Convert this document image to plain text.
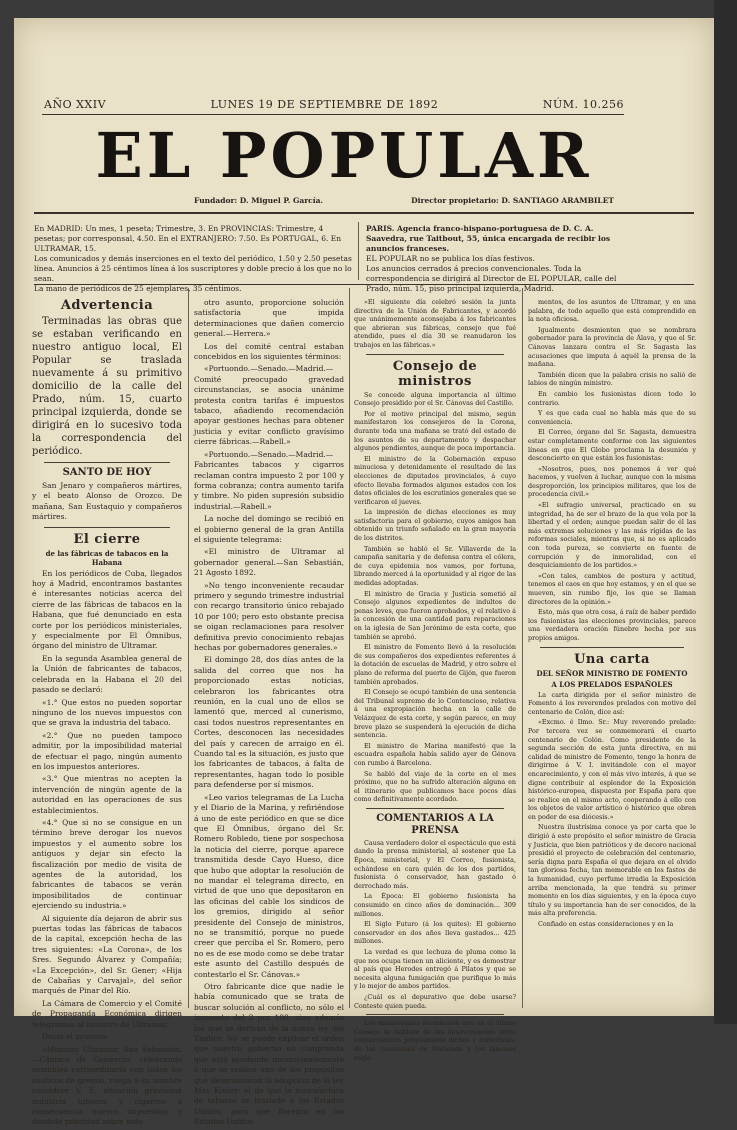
AÑO XXIV	LUNES 19 DE SEPTIEMBRE DE 1892	NÚM. 10.256
EL POPULAR
Fundador: D. Miguel P. García.	Director propietario: D. SANTIAGO ARAMBILET

En MADRID: Un mes, 1 peseta; Trimestre, 3. En PROVINCIAS: Trimestre, 4 pesetas; por corresponsal, 4.50. En el EXTRANJERO: 7.50. Es PORTUGAL, 6. En ULTRAMAR, 15.

Los comunicados y demás inserciones en el texto del periódico, 1.50 y 2.50 pesetas línea. Anuncios á 25 céntimos línea á los suscriptores y doble precio á los que no lo sean.

La mano de periódicos de 25 ejemplares, 35 céntimos.

PARIS. Agencia franco-hispano-portuguesa de D. C. A. Saavedra, rue Taitbout, 55, única encargada de recibir los anuncios franceses.

EL POPULAR no se publica los días festivos.

Los anuncios cerrados á precios convencionales. Toda la correspondencia se dirigirá al Director de EL POPULAR, calle del Prado, núm. 15, piso principal izquierda, Madrid.

Advertencia

Terminadas las obras que se estaban verificando en nuestro antiguo local, El Popular se traslada nuevamente á su primitivo domicilio de la calle del Prado, núm. 15, cuarto principal izquierda, donde se dirigirá en lo sucesivo toda la correspondencia del periódico.

SANTO DE HOY

San Jenaro y compañeros mártires, y el beato Alonso de Orozco. De mañana, San Eustaquio y compañeros mártires.

El cierre

de las fábricas de tabacos en la Habana

En los periódicos de Cuba, llegados hoy á Madrid, encontramos bastantes é interesantes noticias acerca del cierre de las fábricas de tabacos en la Habana, que fué denunciado en esta corte por los periódicos ministeriales, y especialmente por El Ómnibus, órgano del ministro de Ultramar.

En la segunda Asamblea general de la Unión de fabricantes de tabacos, celebrada en la Habana el 20 del pasado se declaró:

«1.° Que estos no pueden soportar ninguno de los nuevos impuestos con que se grava la industria del tabaco.

«2.° Que no pueden tampoco admitir, por la imposibilidad material de efectuar el pago, ningún aumento en los impuestos anteriores.

«3.° Que mientras no acepten la intervención de ningún agente de la autoridad en las operaciones de sus establecimientos.

«4.° Que si no se consigue en un término breve derogar los nuevos impuestos y el aumento sobre los antiguos y dejar sin efecto la fiscalización por medio de visita de agentes de la autoridad, los fabricantes de tabacos se verán imposibilitados de continuar ejerciendo su industria.»

Al siguiente día dejaron de abrir sus puertas todas las fábricas de tabacos de la capital, excepción hecha de las tres siguientes: «La Corona», de los Sres. Segundo Álvarez y Compañía; «La Excepción», del Sr. Gener; «Hija de Cabañas y Carvajal», del señor marqués de Pinar del Río.

La Cámara de Comercio y el Comité de Propaganda Económica dirigen telegramas al ministro de Ultramar.

Decía el primero:

«Ministro Ultramar, San Sebastián.—Cámara de Comercio, celebrando asamblea extraordinaria con todos los sindicos de gremio, ruega á su nombre considere V. E. situación gravísima industria tabacos y cigarros á consecuencia nuevos impuestos; y dándole prioridad sobre todo

otro asunto, proporcione solución satisfactoria que impida determinaciones que dañen comercio general.—Herrera.»

Los del comité central estaban concebidos en los siguientes términos:

«Portuondo.—Senado.—Madrid.—Comité preocupado gravedad circunstancias, se asocia unánime protesta contra tarifas é impuestos tabaco, añadiendo recomendación apoyar gestiones hechas para obtener justicia y evitar conflicto gravísimo cierre fábricas.—Rabell.»

«Portuondo.—Senado.—Madrid.—Fabricantes tabacos y cigarros reclaman contra impuesto 2 por 100 y forma cobranza; contra aumento tarifa y timbre. No piden supresión subsidio industrial.—Rabell.»

La noche del domingo se recibió en el gobierno general de la gran Antilla el siguiente telegrama:

«El ministro de Ultramar al gobernador general.—San Sebastián, 21 Agosto 1892.

»No tengo inconveniente recaudar primero y segundo trimestre industrial con recargo transitorio único rebajado 10 por 100; pero esto obstante precisa se oigan reclamaciones para resolver definitiva previo conocimiento rebajas hechas por gobernadores generales.»

El domingo 28, dos días antes de la salida del correo que nos ha proporcionado estas noticias, celebraron los fabricantes otra reunión, en la cual uno de ellos se lamentó que, merced al cunerismo, casi todos nuestros representantes en Cortes, desconocen las necesidades del país y carecen de arraigo en él. Cuando tal es la situación, es justo que los fabricantes de tabacos, á falta de representantes, hagan todo lo posible para defenderse por sí mismos.

«Leo varios telegramas de La Lucha y el Diario de la Marina, y refiriéndose á uno de este periódico en que se dice que El Ómnibus, órgano del Sr. Romero Robledo, tiene por sospechosa la noticia del cierre, porque aparece transmitida desde Cayo Hueso, dice que hubo que adoptar la resolución de no mandar el telegrama directo, en virtud de que uno que depositaron en las oficinas del cable los sindicos de los gremios, dirigido al señor presidente del Consejo de ministros, no se transmitió, porque no puede creer que perciba el Sr. Romero, pero no es de ese modo como se debe tratar este asunto del Castillo después de contestarlo el Sr. Cánovas.»

Otro fabricante dice que nadie le había comunicado que se trata de buscar solución al conflicto, no sólo el impuesto del 2 por 100, sino además los que se derivan de la nueva ley del Timbre. No se puede explicar el orden que nuestro gobierno no comprenda que está ayudando inconscientemente á que se realice uno de los propósitos que determinaron la adopción de la ley Mac Kinley: el de que la manufactura de tabacos se traslade á los Estados Unidos, para que florezca en los Estados Unidos.

«El siguiente día celebró sesión la junta directiva de la Unión de Fabricantes, y acordó que unánimemente aconsejaba á los fabricantes que abrieran sus fábricas, consejo que fué atendido, pues el día 30 se reanudaron los trabajos en las fábricas.»

Consejo de ministros

Se concede alguna importancia al último Consejo presidido por el Sr. Cánovas del Castillo.

Por el motivo principal del mismo, según manifestaron los consejeros de la Corona, durante toda una mañana se trató del estado de los asuntos de su departamento y despachar algunos pendientes, aunque de poca importancia.

El ministro de la Gobernación expuso minuciosa y detenidamente el resultado de las elecciones de diputados provinciales, á cuyo efecto llevaba formados algunos estados con los datos oficiales de los escrutinios generales que se verificaron el jueves.

La impresión de dichas elecciones es muy satisfactoria para el gobierno, cuyos amigos han obtenido un triunfo señalado en la gran mayoría de los distritos.

También se habló el Sr. Villaverde de la campaña sanitaria y de defensa contra el cólera, de cuya epidemia nos vamos, por fortuna, librando merced á la oportunidad y al rigor de las medidas adoptadas.

El ministro de Gracia y Justicia sometió al Consejo algunos expedientes de indultos de penas leves, que fueron aprobados, y el relativo á la concesión de una cantidad para reparaciones en la iglesia de San Jerónimo de esta corte, que también se aprobó.

El ministro de Fomento llevó á la resolución de sus compañeros dos expedientes referentes á la dotación de escuelas de Madrid, y otro sobre el plano de reforma del puerto de Gijón, que fueron también aprobados.

El Consejo se ocupó también de una sentencia del Tribunal supremo de lo Contencioso, relativa á una expropiación hecha en la calle de Velázquez de esta corte, y según parece, en muy breve plazo se suspenderá la ejecución de dicha sentencia.

El ministro de Marina manifestó que la escuadra española había salido ayer de Génova con rumbo á Barcelona.

Se habló del viaje de la corte en el mes próximo, que no ha sufrido alteración alguna en el itinerario que publicamos hace pocos días como definitivamente acordado.

COMENTARIOS A LA PRENSA

Causa verdadero dolor el espectáculo que está dando la prensa ministerial, al sostener que La Época, ministerial, y El Correo, fusionista, echándose en cara quién de los dos partidos, fusionista ó conservador, han gastado ó derrochado más.

La Época: El gobierno fusionista ha consumido en cinco años de dominación... 309 millones.

El Siglo Futuro (á los quites): El gobierno conservador en dos años lleva gastados... 425 millones.

La verdad es que lechuza de pluma como la que nos ocupa tienen un aliciente, y es demostrar al país que Herodes entregó á Pilatos y que se necesita alguna fumigación que purifique lo más y lo mejor de ambos partidos.

¿Cuál es el depurativo que debe usarse? Conteste quien pueda.

Los ministeriales desmienten que en el último Consejo se hablara de las desavenencias entre conservadores propiamente dichos y romeristas, de las cuestiones de Hacienda y los famosos regla-

mentos, de los asuntos de Ultramar, y en una palabra, de todo aquello que está comprendido en la nota oficiosa.

Igualmente desmienten que se nombrara gobernador para la provincia de Álava, y que el Sr. Cánovas lanzara contra el Sr. Sagasta las acusaciones que imputa á aquél la prensa de la mañana.

También dicen que la palabra crisis no salió de labios de ningún ministro.

En cambio los fusionistas dicen todo lo contrario.

Y es que cada cual no habla más que de su conveniencia.

El Correo, órgano del Sr. Sagasta, demuestra estar completamente conforme con las siguientes líneas en que El Globo proclama la desunión y desconcierto en que están los fusionistas:

«Nosotros, pues, nos ponemos á ver qué hacemos, y vuelven á luchar, aunque con la misma desproporción, los principios militares, que los de procedencia civil.»

«El sufragio universal, practicado en su integridad, ha de ser el brazo de la que vela por la libertad y el orden; aunque puedan salir de él las más extremas soluciones y las más rígidas de las reformas sociales, mientras que, si no es aplicado con toda pureza, se convierte en fuente de corrupción y de inmoralidad, con el desquiciamiento de los partidos.»

«Con tales, cambios de postura y actitud, tenemos el caos en que hoy estamos, y en el que se mueven, sin rumbo fijo, los que se llaman directores de la opinión.»

Esto, más que otra cosa, á raíz de haber perdido los fusionistas las elecciones provinciales, parece una verdadera oración fúnebre hecha por sus propios amigos.

Una carta

DEL SEÑOR MINISTRO DE FOMENTO

A LOS PRELADOS ESPAÑOLES

La carta dirigida por el señor ministro de Fomento á los reverendos prelados con motivo del centenario de Colón, dice así:

«Excmo. é Ilmo. Sr.: Muy reverendo prelado: Por tercera vez se conmemorará el cuarto centenario de Colón. Como presidente de la segunda sección de esta junta directiva, en mi calidad de ministro de Fomento, tengo la honra de dirigirme á V. I. invitándole con el mayor encarecimiento, y con el más vivo interés, á que se digne contribuir al esplendor de la Exposición histórico-europea, dispuesta por España para que se realice en el mismo acto, cooperando á ello con los objetos de valor artístico ó histórico que obren en poder de esa diócesis.»

Nuestra ilustrísima conoce ya por carta que le dirigió á este propósito el señor ministro de Gracia y Justicia, que bien patrióticos y de decoro nacional presidió el proyecto de celebración del centenario, sería digna para España el que dejara en el olvido tan gloriosa fecha, tan memorable en los fastos de la humanidad, cuyo perfume irradia la Exposición arriba mencionada, la que tendrá su primer momento en los días siguientes, y en la época cuyo título y su importancia han de ser conocidos, de la más alta preferencia.

Confiado en estas consideraciones y en la
